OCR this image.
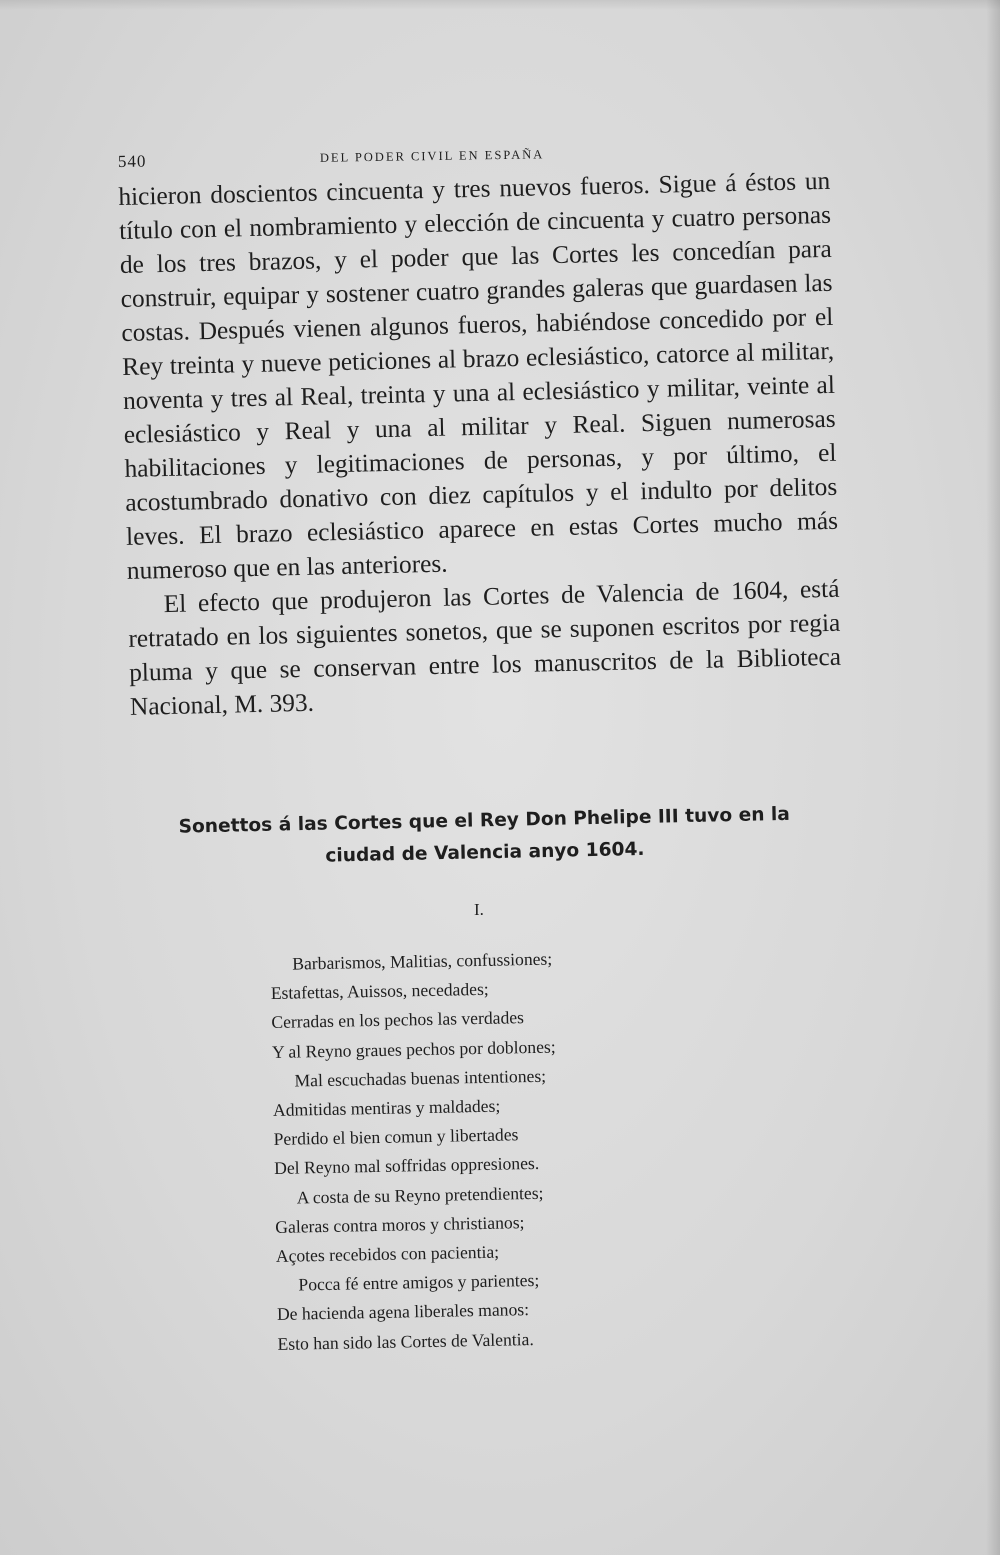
540	DEL PODER CIVIL EN ESPAÑA

hicieron doscientos cincuenta y tres nuevos fueros. Sigue á éstos un título con el nombramiento y elección de cincuenta y cuatro personas de los tres brazos, y el poder que las Cortes les concedían para construir, equipar y sostener cuatro grandes galeras que guardasen las costas. Después vienen algunos fueros, habiéndose concedido por el Rey treinta y nueve peticiones al brazo eclesiástico, catorce al militar, noventa y tres al Real, treinta y una al eclesiástico y militar, veinte al eclesiástico y Real y una al militar y Real. Siguen numerosas habilitaciones y legitimaciones de personas, y por último, el acostumbrado donativo con diez capítulos y el indulto por delitos leves. El brazo eclesiástico aparece en estas Cortes mucho más numeroso que en las anteriores.

El efecto que produjeron las Cortes de Valencia de 1604, está retratado en los siguientes sonetos, que se suponen escritos por regia pluma y que se conservan entre los manuscritos de la Biblioteca Nacional, M. 393.

Sonettos á las Cortes que el Rey Don Phelipe III tuvo en la
ciudad de Valencia anyo 1604.
I.
Barbarismos, Malitias, confussiones;
Estafettas, Auissos, necedades;
Cerradas en los pechos las verdades
Y al Reyno graues pechos por doblones;
Mal escuchadas buenas intentiones;
Admitidas mentiras y maldades;
Perdido el bien comun y libertades
Del Reyno mal soffridas oppresiones.
A costa de su Reyno pretendientes;
Galeras contra moros y christianos;
Açotes recebidos con pacientia;
Pocca fé entre amigos y parientes;
De hacienda agena liberales manos:
Esto han sido las Cortes de Valentia.
